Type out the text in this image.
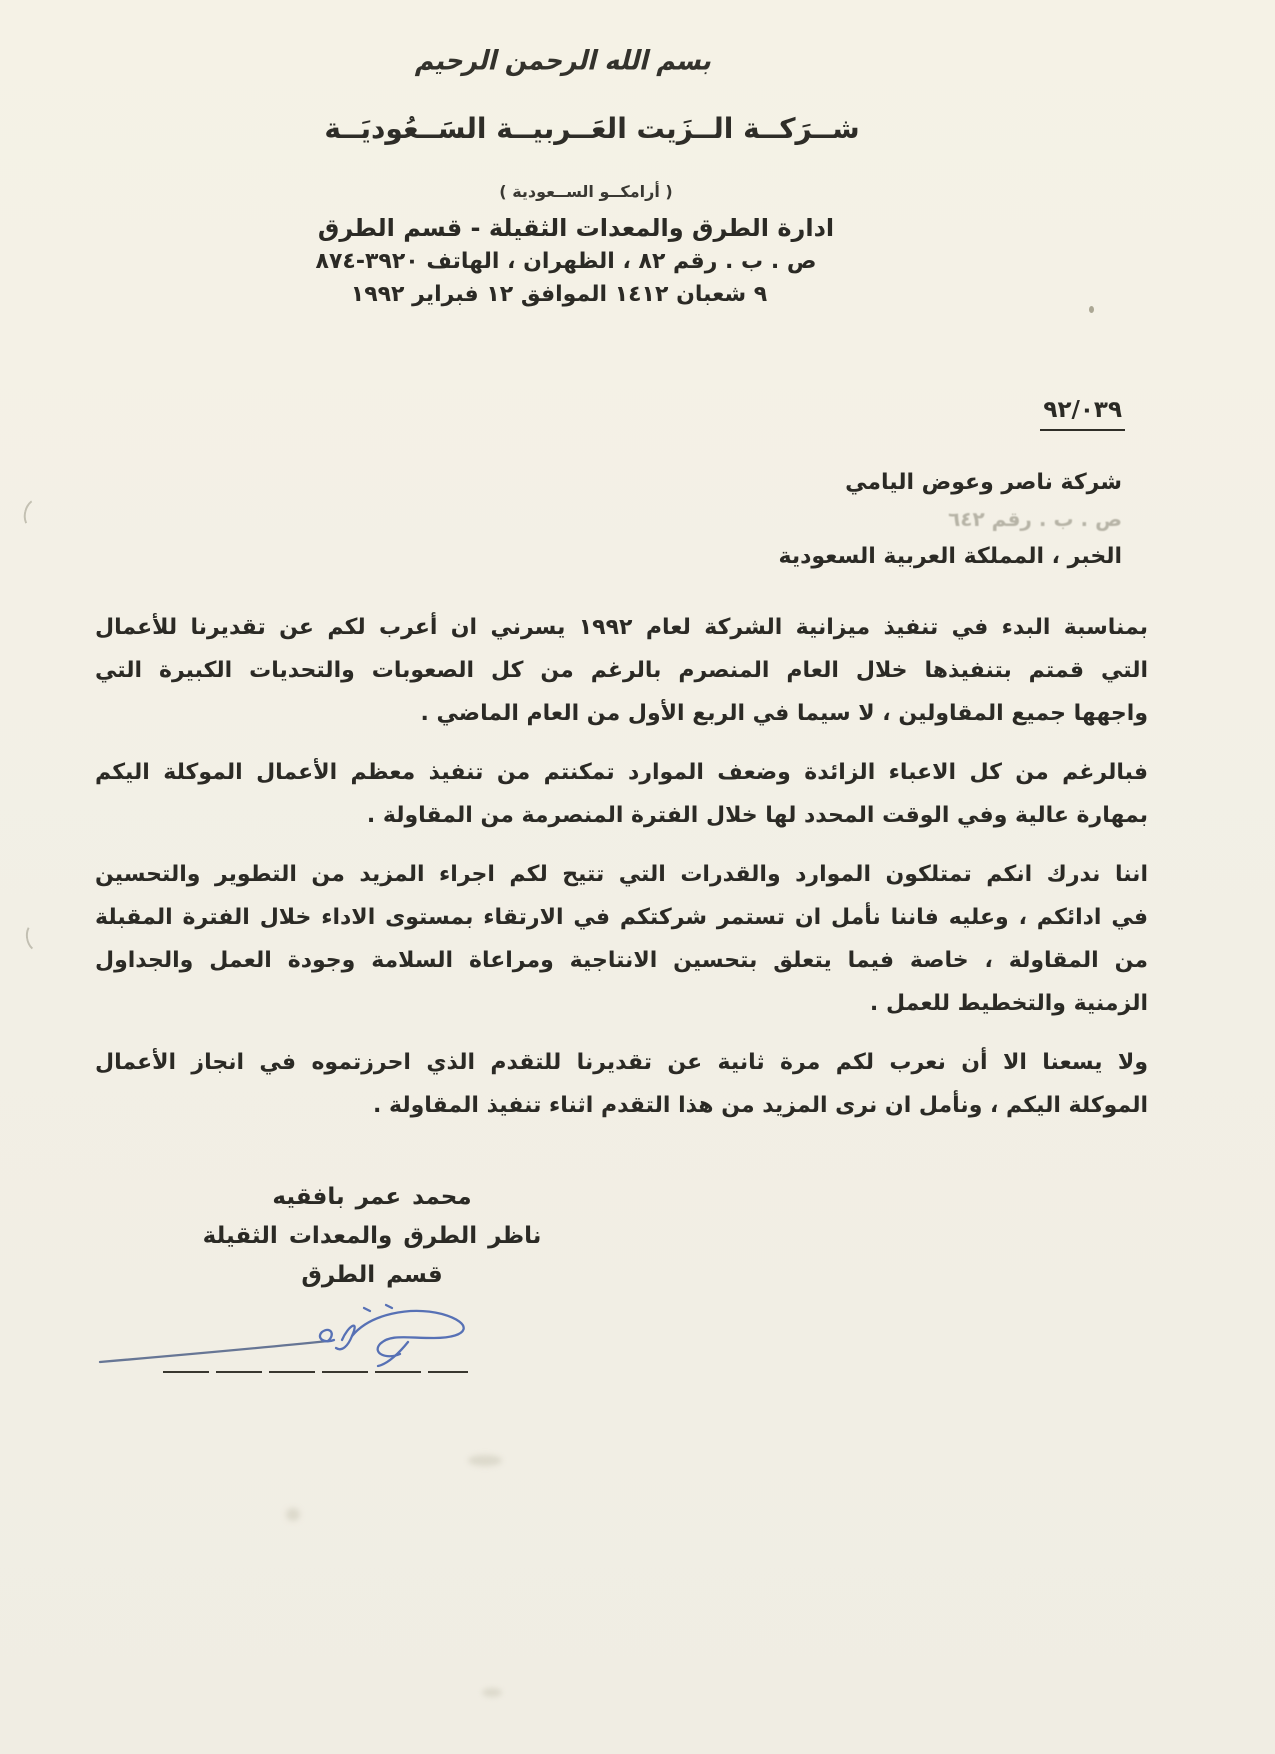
بسم الله الرحمن الرحيم
شــرَكــة الــزَيت العَــربيــة السَــعُوديَــة
( أرامكــو الســعودية )
ادارة الطرق والمعدات الثقيلة - قسم الطرق
ص . ب . رقم ٨٢ ، الظهران ، الهاتف ٣٩٢٠-٨٧٤
٩ شعبان ١٤١٢ الموافق ١٢ فبراير ١٩٩٢
٩٢/٠٣٩
شركة ناصر وعوض اليامي
ص . ب . رقم ٦٤٢
الخبر ، المملكة العربية السعودية
بمناسبة البدء في تنفيذ ميزانية الشركة لعام ١٩٩٢ يسرني ان أعرب لكم عن تقديرنا للأعمال
التي قمتم بتنفيذها خلال العام المنصرم بالرغم من كل الصعوبات والتحديات الكبيرة التي
واجهها جميع المقاولين ، لا سيما في الربع الأول من العام الماضي .
فبالرغم من كل الاعباء الزائدة وضعف الموارد تمكنتم من تنفيذ معظم الأعمال الموكلة اليكم
بمهارة عالية وفي الوقت المحدد لها خلال الفترة المنصرمة من المقاولة .
اننا ندرك انكم تمتلكون الموارد والقدرات التي تتيح لكم اجراء المزيد من التطوير والتحسين
في ادائكم ، وعليه فاننا نأمل ان تستمر شركتكم في الارتقاء بمستوى الاداء خلال الفترة المقبلة
من المقاولة ، خاصة فيما يتعلق بتحسين الانتاجية ومراعاة السلامة وجودة العمل والجداول
الزمنية والتخطيط للعمل .
ولا يسعنا الا أن نعرب لكم مرة ثانية عن تقديرنا للتقدم الذي احرزتموه في انجاز الأعمال
الموكلة اليكم ، ونأمل ان نرى المزيد من هذا التقدم اثناء تنفيذ المقاولة .
محمد عمر بافقيه
ناظر الطرق والمعدات الثقيلة
قسم الطرق
